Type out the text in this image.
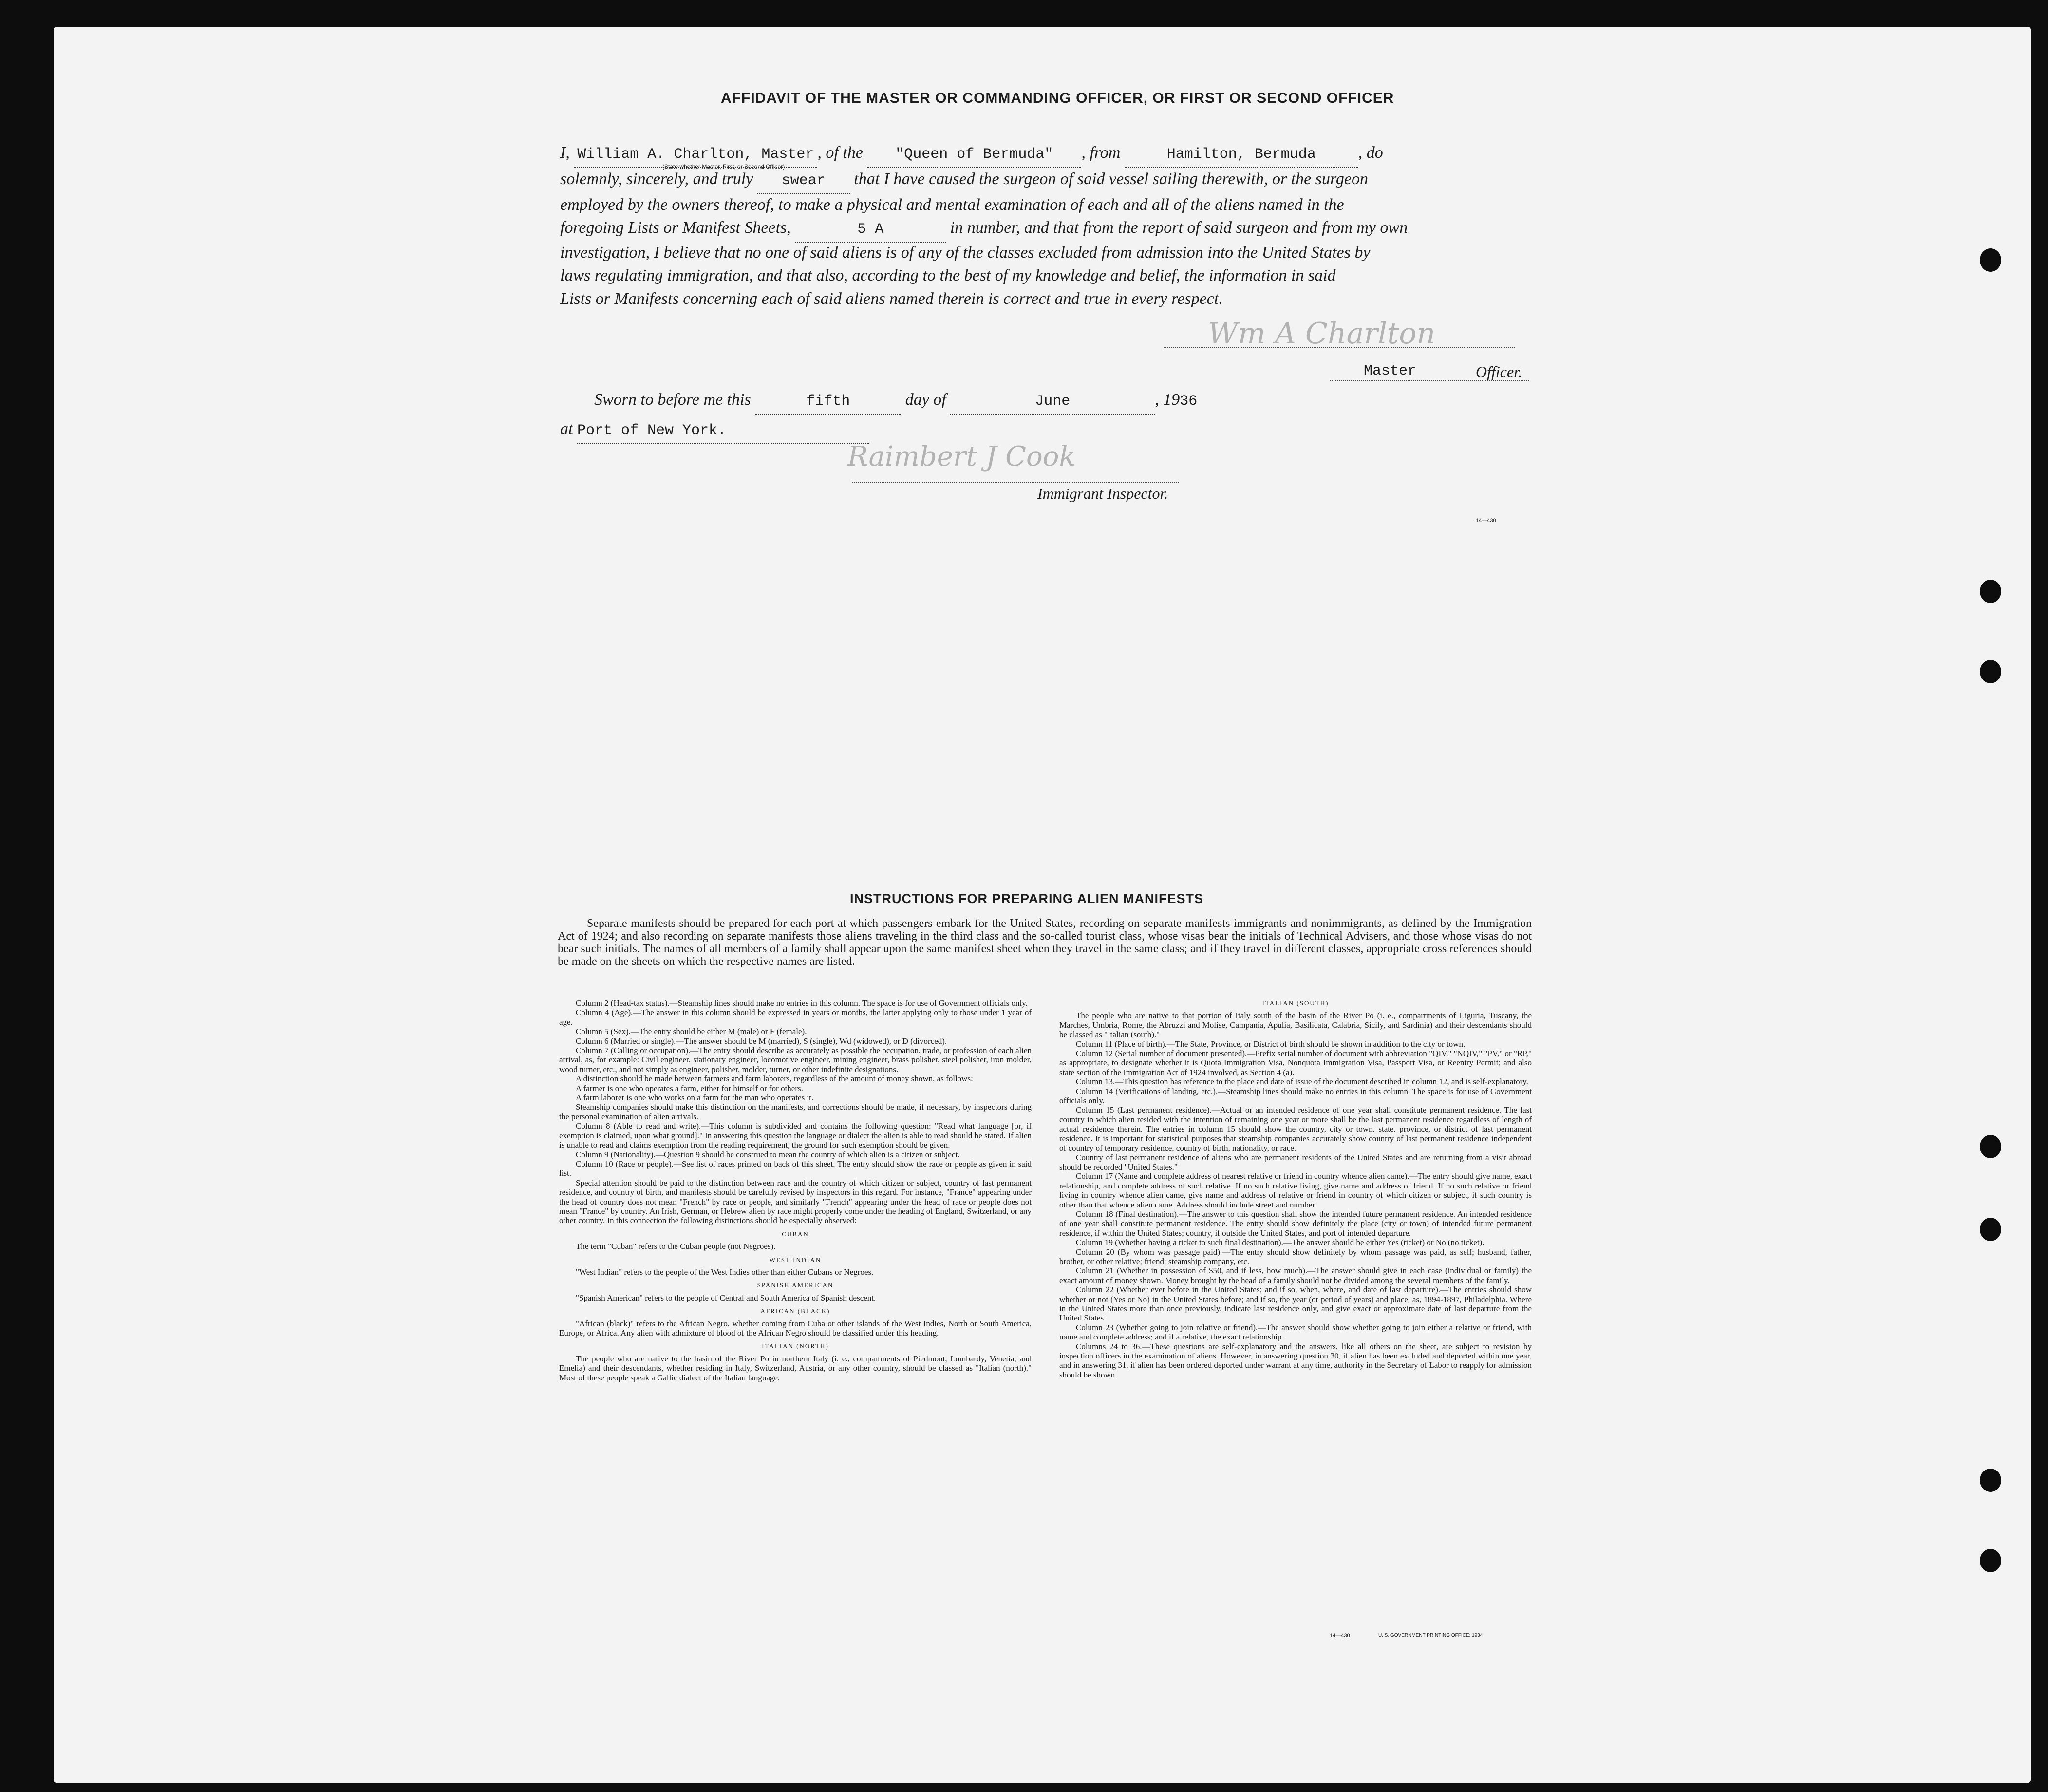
AFFIDAVIT OF THE MASTER OR COMMANDING OFFICER, OR FIRST OR SECOND OFFICER
I, William A. Charlton, Master , of the "Queen of Bermuda" , from	Hamilton, Bermuda	, do
(State whether Master, First, or Second Officer)
solemnly, sincerely, and truly swear that I have caused the surgeon of said vessel sailing therewith, or the surgeon
employed by the owners thereof, to make a physical and mental examination of each and all of the aliens named in the
foregoing Lists or Manifest Sheets,	5 A	in number, and that from the report of said surgeon and from my own
investigation, I believe that no one of said aliens is of any of the classes excluded from admission into the United States by
laws regulating immigration, and that also, according to the best of my knowledge and belief, the information in said
Lists or Manifests concerning each of said aliens named therein is correct and true in every respect.
Wm A Charlton
Master	Officer.
Sworn to before me this	fifth	day of	June	, 1936
at Port of New York.
Raimbert J Cook
Immigrant Inspector.
14—430
INSTRUCTIONS FOR PREPARING ALIEN MANIFESTS
Separate manifests should be prepared for each port at which passengers embark for the United States, recording on separate manifests immigrants and nonimmigrants, as defined by the Immigration Act of 1924; and also recording on separate manifests those aliens traveling in the third class and the so-called tourist class, whose visas bear the initials of Technical Advisers, and those whose visas do not bear such initials. The names of all members of a family shall appear upon the same manifest sheet when they travel in the same class; and if they travel in different classes, appropriate cross references should be made on the sheets on which the respective names are listed.

Column 2 (Head-tax status).—Steamship lines should make no entries in this column. The space is for use of Government officials only.

Column 4 (Age).—The answer in this column should be expressed in years or months, the latter applying only to those under 1 year of age.

Column 5 (Sex).—The entry should be either M (male) or F (female).

Column 6 (Married or single).—The answer should be M (married), S (single), Wd (widowed), or D (divorced).

Column 7 (Calling or occupation).—The entry should describe as accurately as possible the occupation, trade, or profession of each alien arrival, as, for example: Civil engineer, stationary engineer, locomotive engineer, mining engineer, brass polisher, steel polisher, iron molder, wood turner, etc., and not simply as engineer, polisher, molder, turner, or other indefinite designations.

A distinction should be made between farmers and farm laborers, regardless of the amount of money shown, as follows:

A farmer is one who operates a farm, either for himself or for others.

A farm laborer is one who works on a farm for the man who operates it.

Steamship companies should make this distinction on the manifests, and corrections should be made, if necessary, by inspectors during the personal examination of alien arrivals.

Column 8 (Able to read and write).—This column is subdivided and contains the following question: "Read what language [or, if exemption is claimed, upon what ground]." In answering this question the language or dialect the alien is able to read should be stated. If alien is unable to read and claims exemption from the reading requirement, the ground for such exemption should be given.

Column 9 (Nationality).—Question 9 should be construed to mean the country of which alien is a citizen or subject.

Column 10 (Race or people).—See list of races printed on back of this sheet. The entry should show the race or people as given in said list.

Special attention should be paid to the distinction between race and the country of which citizen or subject, country of last permanent residence, and country of birth, and manifests should be carefully revised by inspectors in this regard. For instance, "France" appearing under the head of country does not mean "French" by race or people, and similarly "French" appearing under the head of race or people does not mean "France" by country. An Irish, German, or Hebrew alien by race might properly come under the heading of England, Switzerland, or any other country. In this connection the following distinctions should be especially observed:

CUBAN

The term "Cuban" refers to the Cuban people (not Negroes).

WEST INDIAN

"West Indian" refers to the people of the West Indies other than either Cubans or Negroes.

SPANISH AMERICAN

"Spanish American" refers to the people of Central and South America of Spanish descent.

AFRICAN (BLACK)

"African (black)" refers to the African Negro, whether coming from Cuba or other islands of the West Indies, North or South America, Europe, or Africa. Any alien with admixture of blood of the African Negro should be classified under this heading.

ITALIAN (NORTH)

The people who are native to the basin of the River Po in northern Italy (i. e., compartments of Piedmont, Lombardy, Venetia, and Emelia) and their descendants, whether residing in Italy, Switzerland, Austria, or any other country, should be classed as "Italian (north)." Most of these people speak a Gallic dialect of the Italian language.

ITALIAN (SOUTH)

The people who are native to that portion of Italy south of the basin of the River Po (i. e., compartments of Liguria, Tuscany, the Marches, Umbria, Rome, the Abruzzi and Molise, Campania, Apulia, Basilicata, Calabria, Sicily, and Sardinia) and their descendants should be classed as "Italian (south)."

Column 11 (Place of birth).—The State, Province, or District of birth should be shown in addition to the city or town.

Column 12 (Serial number of document presented).—Prefix serial number of document with abbreviation "QIV," "NQIV," "PV," or "RP," as appropriate, to designate whether it is Quota Immigration Visa, Nonquota Immigration Visa, Passport Visa, or Reentry Permit; and also state section of the Immigration Act of 1924 involved, as Section 4 (a).

Column 13.—This question has reference to the place and date of issue of the document described in column 12, and is self-explanatory.

Column 14 (Verifications of landing, etc.).—Steamship lines should make no entries in this column. The space is for use of Government officials only.

Column 15 (Last permanent residence).—Actual or an intended residence of one year shall constitute permanent residence. The last country in which alien resided with the intention of remaining one year or more shall be the last permanent residence regardless of length of actual residence therein. The entries in column 15 should show the country, city or town, state, province, or district of last permanent residence. It is important for statistical purposes that steamship companies accurately show country of last permanent residence independent of country of temporary residence, country of birth, nationality, or race.

Country of last permanent residence of aliens who are permanent residents of the United States and are returning from a visit abroad should be recorded "United States."

Column 17 (Name and complete address of nearest relative or friend in country whence alien came).—The entry should give name, exact relationship, and complete address of such relative. If no such relative living, give name and address of friend. If no such relative or friend living in country whence alien came, give name and address of relative or friend in country of which citizen or subject, if such country is other than that whence alien came. Address should include street and number.

Column 18 (Final destination).—The answer to this question shall show the intended future permanent residence. An intended residence of one year shall constitute permanent residence. The entry should show definitely the place (city or town) of intended future permanent residence, if within the United States; country, if outside the United States, and port of intended departure.

Column 19 (Whether having a ticket to such final destination).—The answer should be either Yes (ticket) or No (no ticket).

Column 20 (By whom was passage paid).—The entry should show definitely by whom passage was paid, as self; husband, father, brother, or other relative; friend; steamship company, etc.

Column 21 (Whether in possession of $50, and if less, how much).—The answer should give in each case (individual or family) the exact amount of money shown. Money brought by the head of a family should not be divided among the several members of the family.

Column 22 (Whether ever before in the United States; and if so, when, where, and date of last departure).—The entries should show whether or not (Yes or No) in the United States before; and if so, the year (or period of years) and place, as, 1894-1897, Philadelphia. Where in the United States more than once previously, indicate last residence only, and give exact or approximate date of last departure from the United States.

Column 23 (Whether going to join relative or friend).—The answer should show whether going to join either a relative or friend, with name and complete address; and if a relative, the exact relationship.

Columns 24 to 36.—These questions are self-explanatory and the answers, like all others on the sheet, are subject to revision by inspection officers in the examination of aliens. However, in answering question 30, if alien has been excluded and deported within one year, and in answering 31, if alien has been ordered deported under warrant at any time, authority in the Secretary of Labor to reapply for admission should be shown.

14—430	U. S. GOVERNMENT PRINTING OFFICE: 1934
